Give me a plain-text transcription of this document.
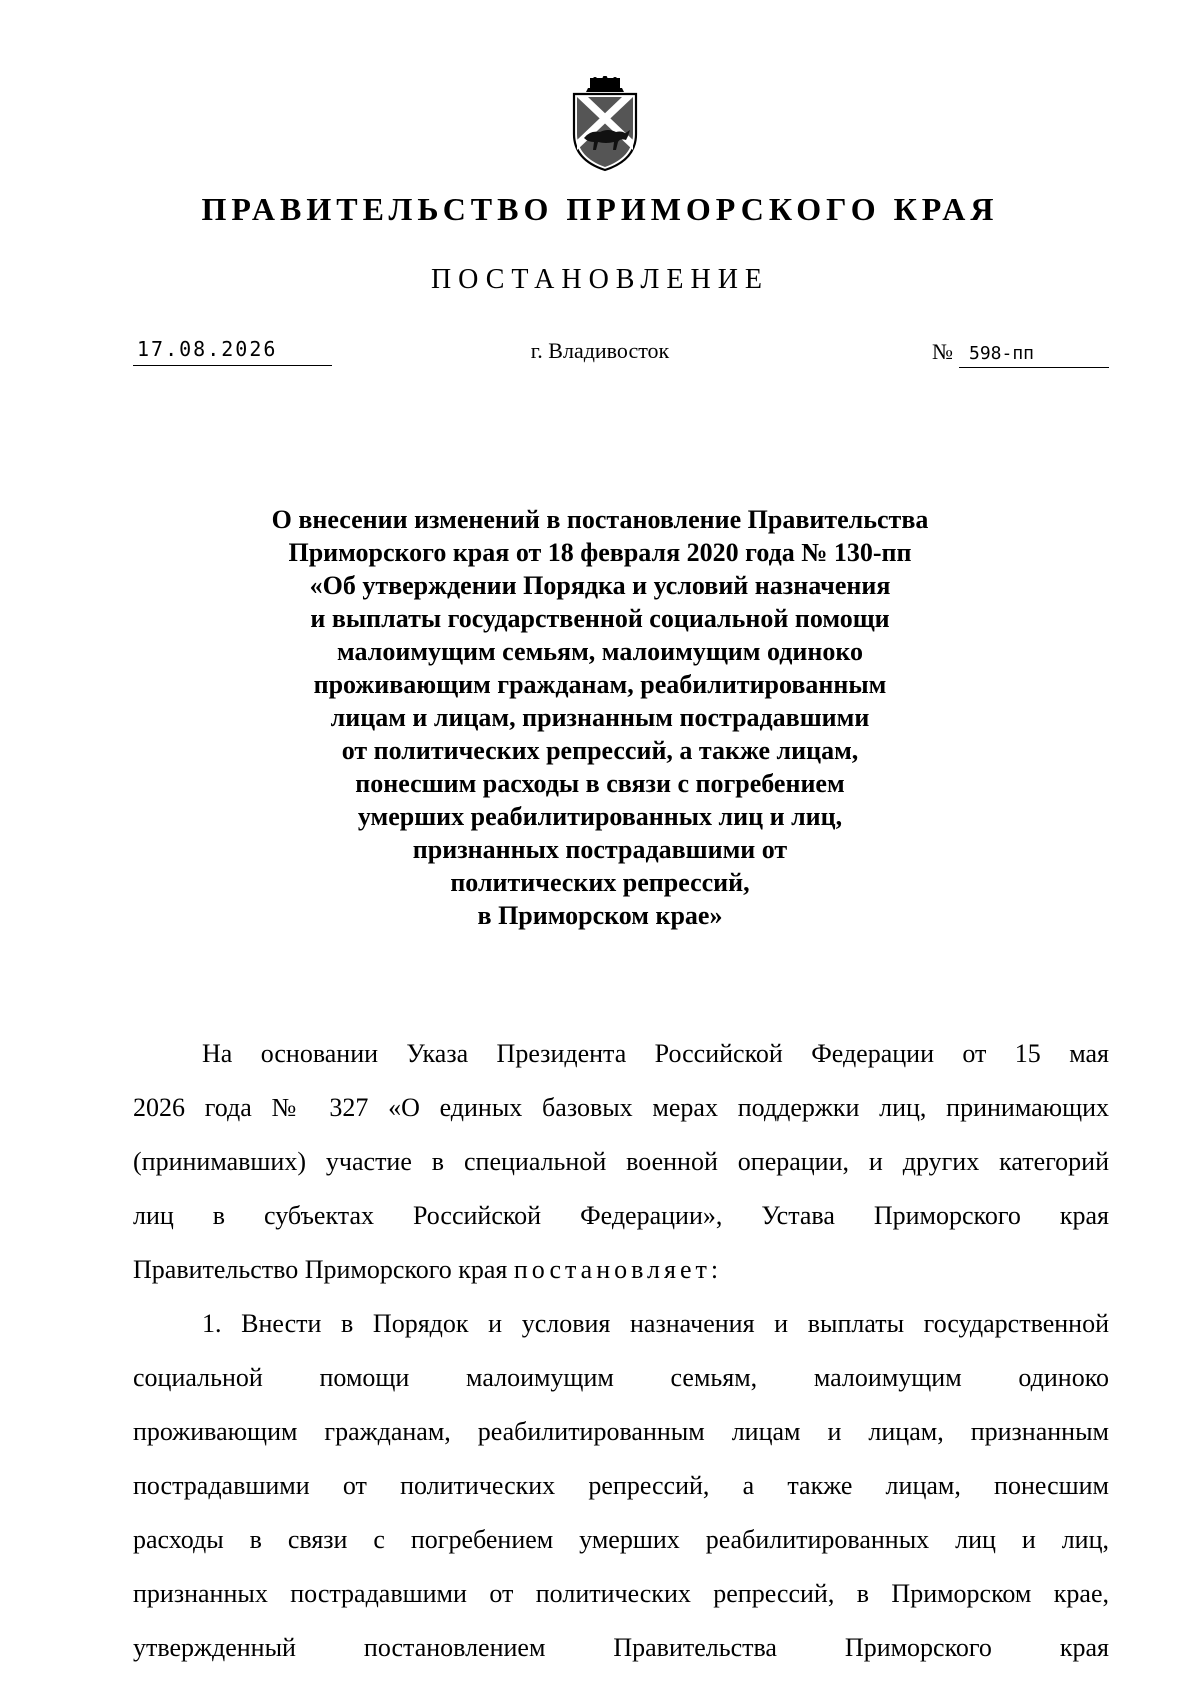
ПРАВИТЕЛЬСТВО ПРИМОРСКОГО КРАЯ
ПОСТАНОВЛЕНИЕ
17.08.2026	г. Владивосток	№ 598-пп
О внесении изменений в постановление Правительства
Приморского края от 18 февраля 2020 года № 130-пп
«Об утверждении Порядка и условий назначения
и выплаты государственной социальной помощи
малоимущим семьям, малоимущим одиноко
проживающим гражданам, реабилитированным
лицам и лицам, признанным пострадавшими
от политических репрессий, а также лицам,
понесшим расходы в связи с погребением
умерших реабилитированных лиц и лиц,
признанных пострадавшими от
политических репрессий,
в Приморском крае»
На основании Указа Президента Российской Федерации от 15 мая
2026 года № 327 «О единых базовых мерах поддержки лиц, принимающих
(принимавших) участие в специальной военной операции, и других категорий
лиц в субъектах Российской Федерации», Устава Приморского края
Правительство Приморского края постановляет:
1. Внести в Порядок и условия назначения и выплаты государственной
социальной помощи малоимущим семьям, малоимущим одиноко
проживающим гражданам, реабилитированным лицам и лицам, признанным
пострадавшими от политических репрессий, а также лицам, понесшим
расходы в связи с погребением умерших реабилитированных лиц и лиц,
признанных пострадавшими от политических репрессий, в Приморском крае,
утвержденный постановлением Правительства Приморского края
